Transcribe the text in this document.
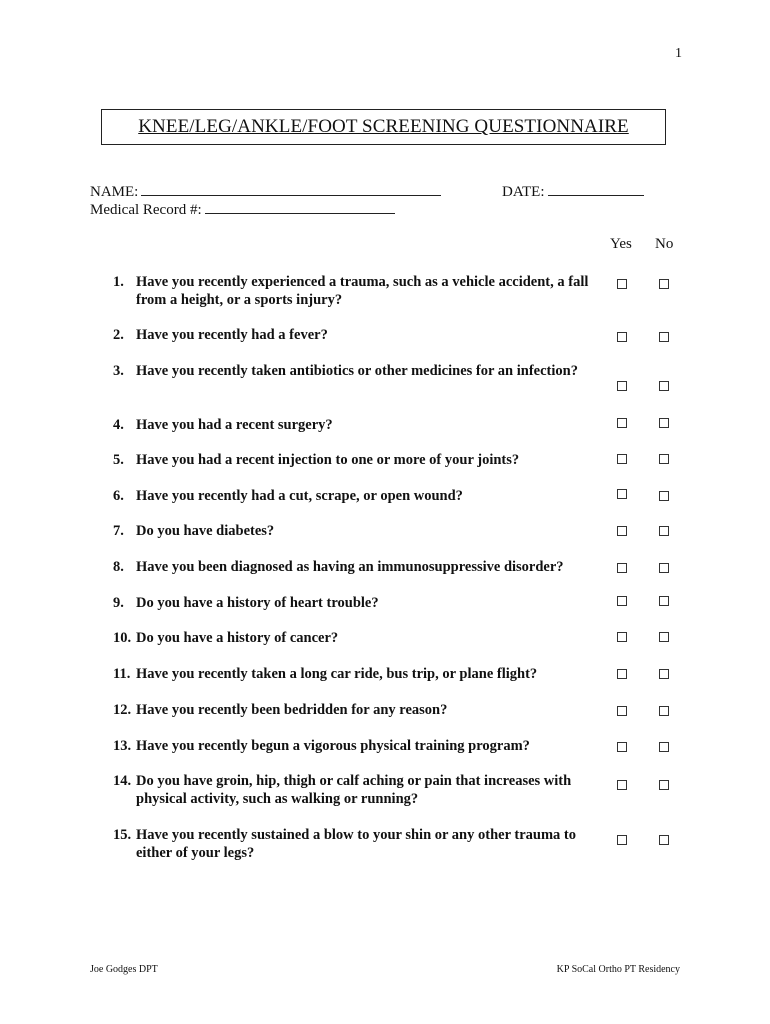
1
KNEE/LEG/ANKLE/FOOT SCREENING QUESTIONNAIRE
NAME:	DATE:
Medical Record #:
Yes No
1. Have you recently experienced a trauma, such as a vehicle accident, a fall from a height, or a sports injury?
2. Have you recently had a fever?
3. Have you recently taken antibiotics or other medicines for an infection?
4. Have you had a recent surgery?
5. Have you had a recent injection to one or more of your joints?
6. Have you recently had a cut, scrape, or open wound?
7. Do you have diabetes?
8. Have you been diagnosed as having an immunosuppressive disorder?
9. Do you have a history of heart trouble?
10. Do you have a history of cancer?
11. Have you recently taken a long car ride, bus trip, or plane flight?
12. Have you recently been bedridden for any reason?
13. Have you recently begun a vigorous physical training program?
14. Do you have groin, hip, thigh or calf aching or pain that increases with physical activity, such as walking or running?
15. Have you recently sustained a blow to your shin or any other trauma to either of your legs?
Joe Godges DPT	KP SoCal Ortho PT Residency
